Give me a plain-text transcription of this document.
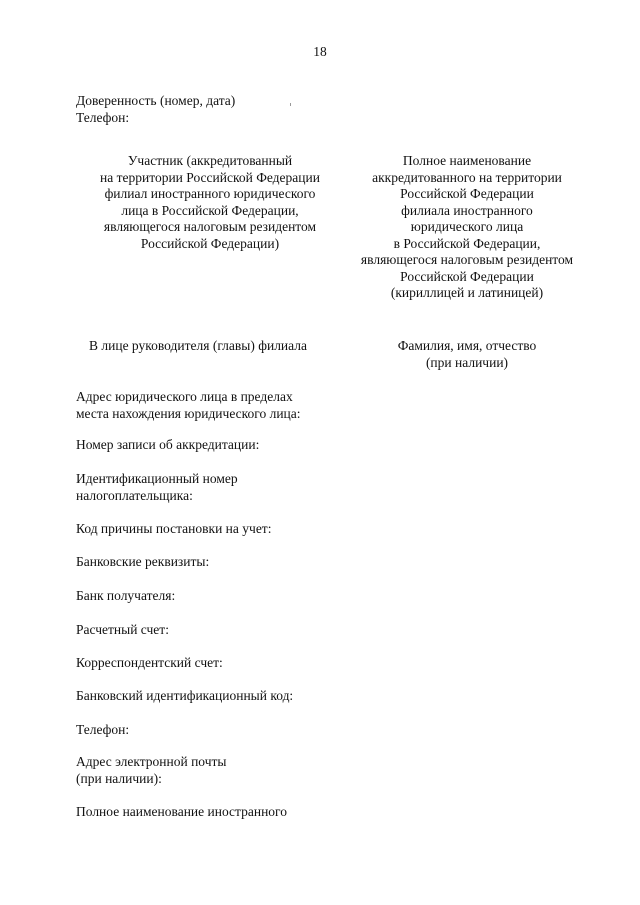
18
Доверенность (номер, дата)
Телефон:
Участник (аккредитованный
на территории Российской Федерации
филиал иностранного юридического
лица в Российской Федерации,
являющегося налоговым резидентом
Российской Федерации)
Полное наименование
аккредитованного на территории
Российской Федерации
филиала иностранного
юридического лица
в Российской Федерации,
являющегося налоговым резидентом
Российской Федерации
(кириллицей и латиницей)
В лице руководителя (главы) филиала	Фамилия, имя, отчество
(при наличии)
Адрес юридического лица в пределах
места нахождения юридического лица:
Номер записи об аккредитации:
Идентификационный номер
налогоплательщика:
Код причины постановки на учет:
Банковские реквизиты:
Банк получателя:
Расчетный счет:
Корреспондентский счет:
Банковский идентификационный код:
Телефон:
Адрес электронной почты
(при наличии):
Полное наименование иностранного
